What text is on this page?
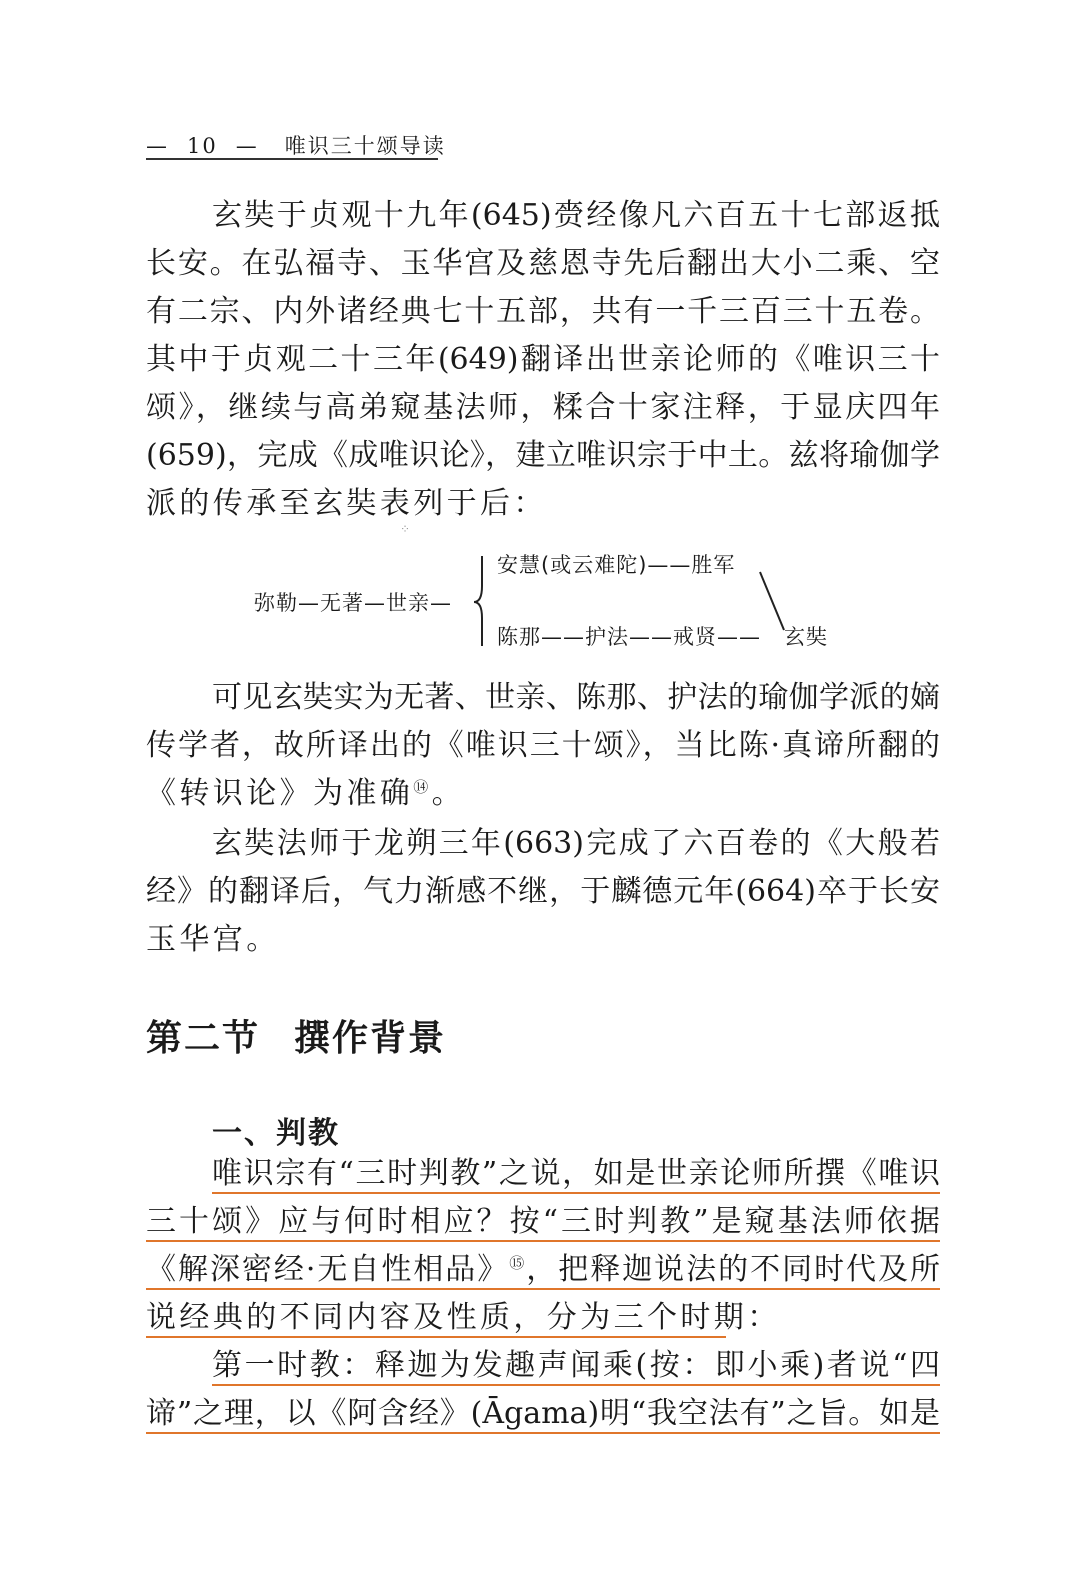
— 10 — 唯识三十颂导读
玄奘于贞观十九年(645)赍经像凡六百五十七部返抵
长安。在弘福寺、玉华宫及慈恩寺先后翻出大小二乘、空
有二宗、内外诸经典七十五部，共有一千三百三十五卷。
其中于贞观二十三年(649)翻译出世亲论师的《唯识三十
颂》，继续与高弟窥基法师，糅合十家注释，于显庆四年
(659)，完成《成唯识论》，建立唯识宗于中土。兹将瑜伽学
派的传承至玄奘表列于后：
⁘
弥勒—无著—世亲—
安慧(或云难陀)——胜军
陈那——护法——戒贤—— 玄奘
可见玄奘实为无著、世亲、陈那、护法的瑜伽学派的嫡
传学者，故所译出的《唯识三十颂》，当比陈·真谛所翻的
《转识论》为准确⑭。
玄奘法师于龙朔三年(663)完成了六百卷的《大般若
经》的翻译后，气力渐感不继，于麟德元年(664)卒于长安
玉华宫。
第二节 撰作背景
一、判教
唯识宗有“三时判教”之说，如是世亲论师所撰《唯识
三十颂》应与何时相应？按“三时判教”是窥基法师依据
《解深密经·无自性相品》⑮，把释迦说法的不同时代及所
说经典的不同内容及性质，分为三个时期：
第一时教：释迦为发趣声闻乘(按：即小乘)者说“四
谛”之理，以《阿含经》(Āgama)明“我空法有”之旨。如是
